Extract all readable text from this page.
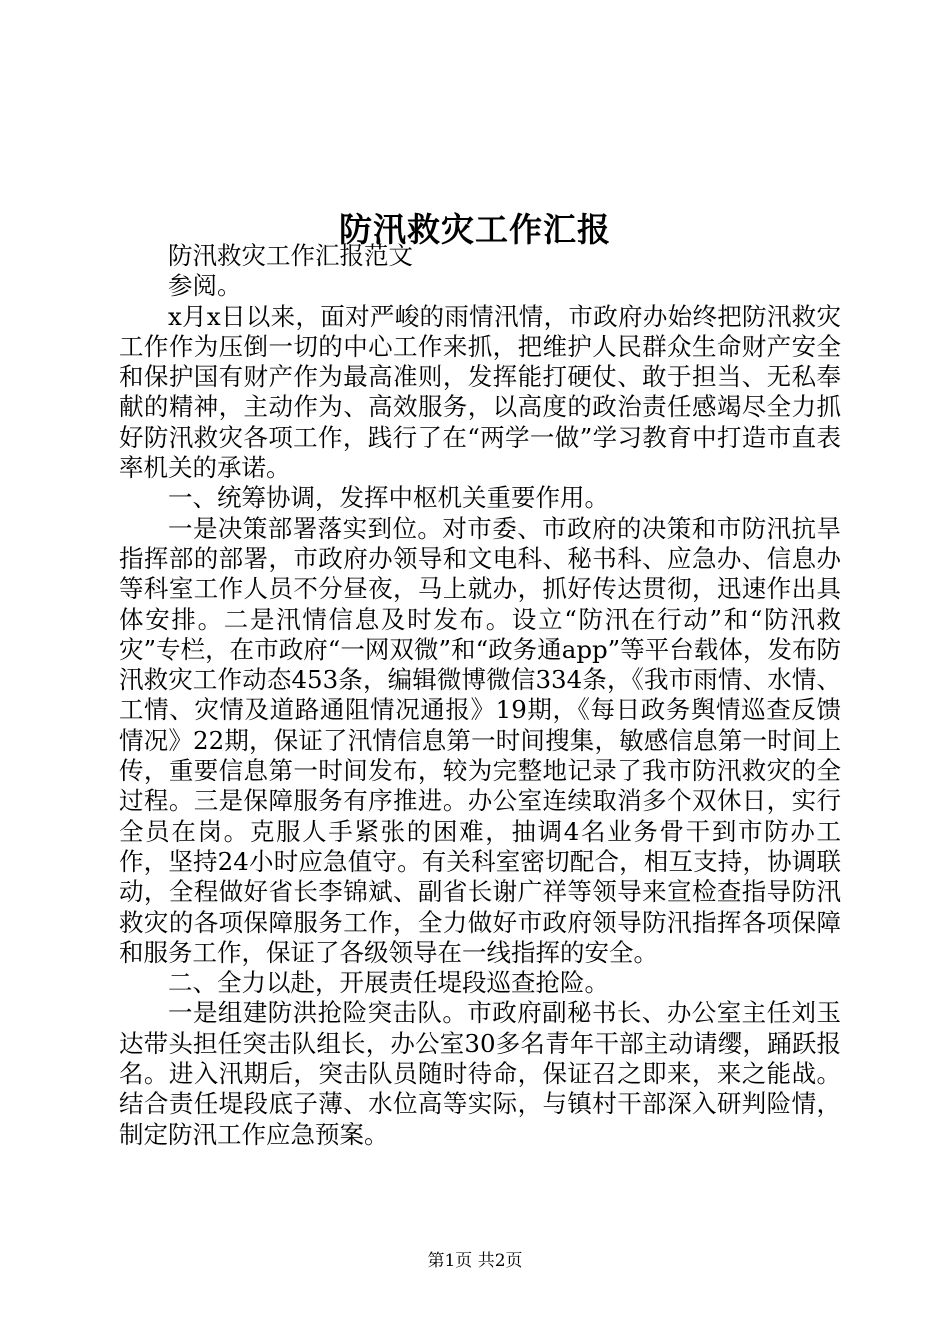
防汛救灾工作汇报

防汛救灾工作汇报范文

参阅。

x月x日以来，面对严峻的雨情汛情，市政府办始终把防汛救灾工作作为压倒一切的中心工作来抓，把维护人民群众生命财产安全和保护国有财产作为最高准则，发挥能打硬仗、敢于担当、无私奉献的精神，主动作为、高效服务，以高度的政治责任感竭尽全力抓好防汛救灾各项工作，践行了在“两学一做”学习教育中打造市直表率机关的承诺。

一、统筹协调，发挥中枢机关重要作用。

一是决策部署落实到位。对市委、市政府的决策和市防汛抗旱指挥部的部署，市政府办领导和文电科、秘书科、应急办、信息办等科室工作人员不分昼夜，马上就办，抓好传达贯彻，迅速作出具体安排。二是汛情信息及时发布。设立“防汛在行动”和“防汛救灾”专栏，在市政府“一网双微”和“政务通app”等平台载体，发布防汛救灾工作动态453条，编辑微博微信334条，《我市雨情、水情、工情、灾情及道路通阻情况通报》19期，《每日政务舆情巡查反馈情况》22期，保证了汛情信息第一时间搜集，敏感信息第一时间上传，重要信息第一时间发布，较为完整地记录了我市防汛救灾的全过程。三是保障服务有序推进。办公室连续取消多个双休日，实行全员在岗。克服人手紧张的困难，抽调4名业务骨干到市防办工作，坚持24小时应急值守。有关科室密切配合，相互支持，协调联动，全程做好省长李锦斌、副省长谢广祥等领导来宣检查指导防汛救灾的各项保障服务工作，全力做好市政府领导防汛指挥各项保障和服务工作，保证了各级领导在一线指挥的安全。

二、全力以赴，开展责任堤段巡查抢险。

一是组建防洪抢险突击队。市政府副秘书长、办公室主任刘玉达带头担任突击队组长，办公室30多名青年干部主动请缨，踊跃报名。进入汛期后，突击队员随时待命，保证召之即来，来之能战。结合责任堤段底子薄、水位高等实际，与镇村干部深入研判险情，制定防汛工作应急预案。

第1页 共2页
